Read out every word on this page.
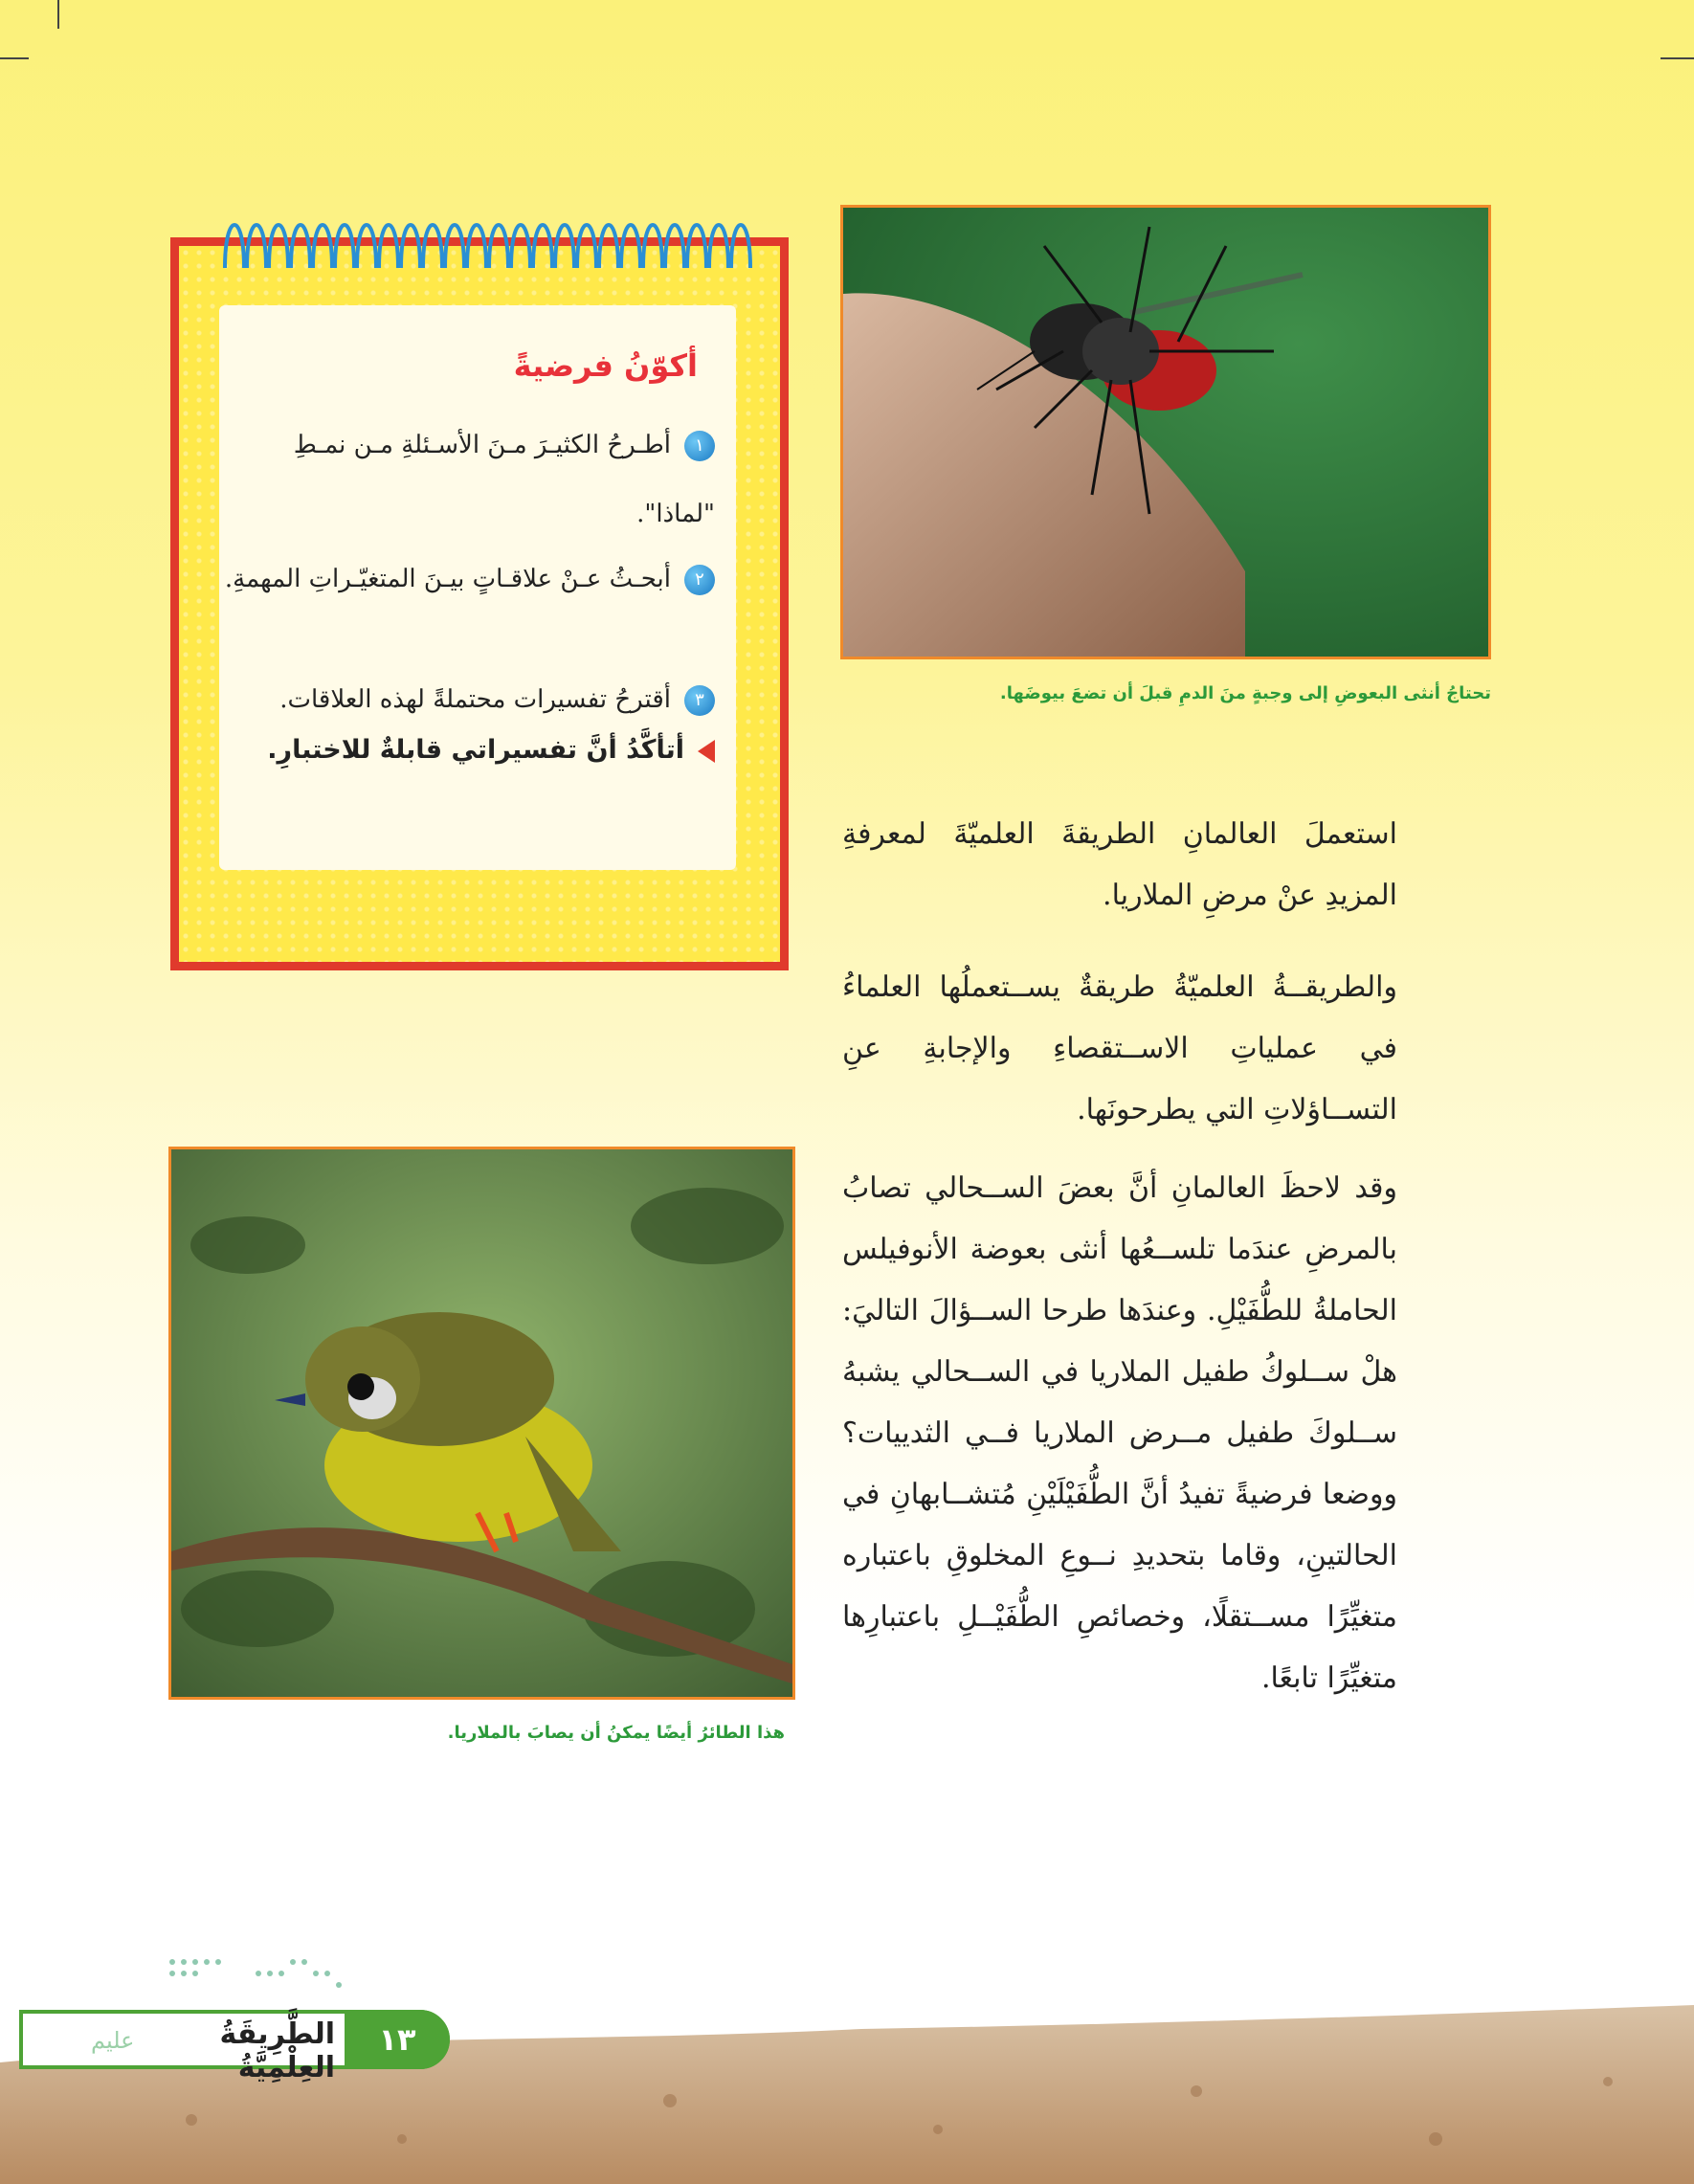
أكوّنُ فرضيةً
١أطـرحُ الكثيـرَ مـنَ الأسـئلةِ مـن نمـطِ "لماذا".
٢أبحـثُ عـنْ علاقـاتٍ بيـنَ المتغيّـراتِ المهمةِ.
٣أقترحُ تفسيرات محتملةً لهذه العلاقات.
أتأكَّدُ أنَّ تفسيراتي قابلةٌ للاختبارِ.
تحتاجُ أنثى البعوضِ إلى وجبةٍ منَ الدمِ قبلَ أن تضعَ بيوضَها.
هذا الطائرُ أيضًا يمكنُ أن يصابَ بالملاريا.
استعملَ العالمانِ الطريقةَ العلميّةَ لمعرفةِ المزيدِ عنْ مرضِ الملاريا.
والطريقــةُ العلميّةُ طريقةٌ يســتعملُها العلماءُ في عملياتِ الاســتقصاءِ والإجابةِ عنِ التســاؤلاتِ التي يطرحونَها.
وقد لاحظَ العالمانِ أنَّ بعضَ الســحالي تصابُ بالمرضِ عندَما تلســعُها أنثى بعوضة الأنوفيلس الحاملةُ للطُّفَيْلِ. وعندَها طرحا الســؤالَ التاليَ: هلْ ســلوكُ طفيل الملاريا في الســحالي يشبهُ ســلوكَ طفيل مــرض الملاريا فــي الثدييات؟ ووضعا فرضيةً تفيدُ أنَّ الطُّفَيْلَيْنِ مُتشــابهانِ في الحالتينِ، وقاما بتحديدِ نــوعِ المخلوقِ باعتباره متغيِّرًا مســتقلًا، وخصائصِ الطُّفَيْــلِ باعتبارِها متغيِّرًا تابعًا.
عليم	الطَّرِيقَةُ العِلْمِيَّةُ
١٣
